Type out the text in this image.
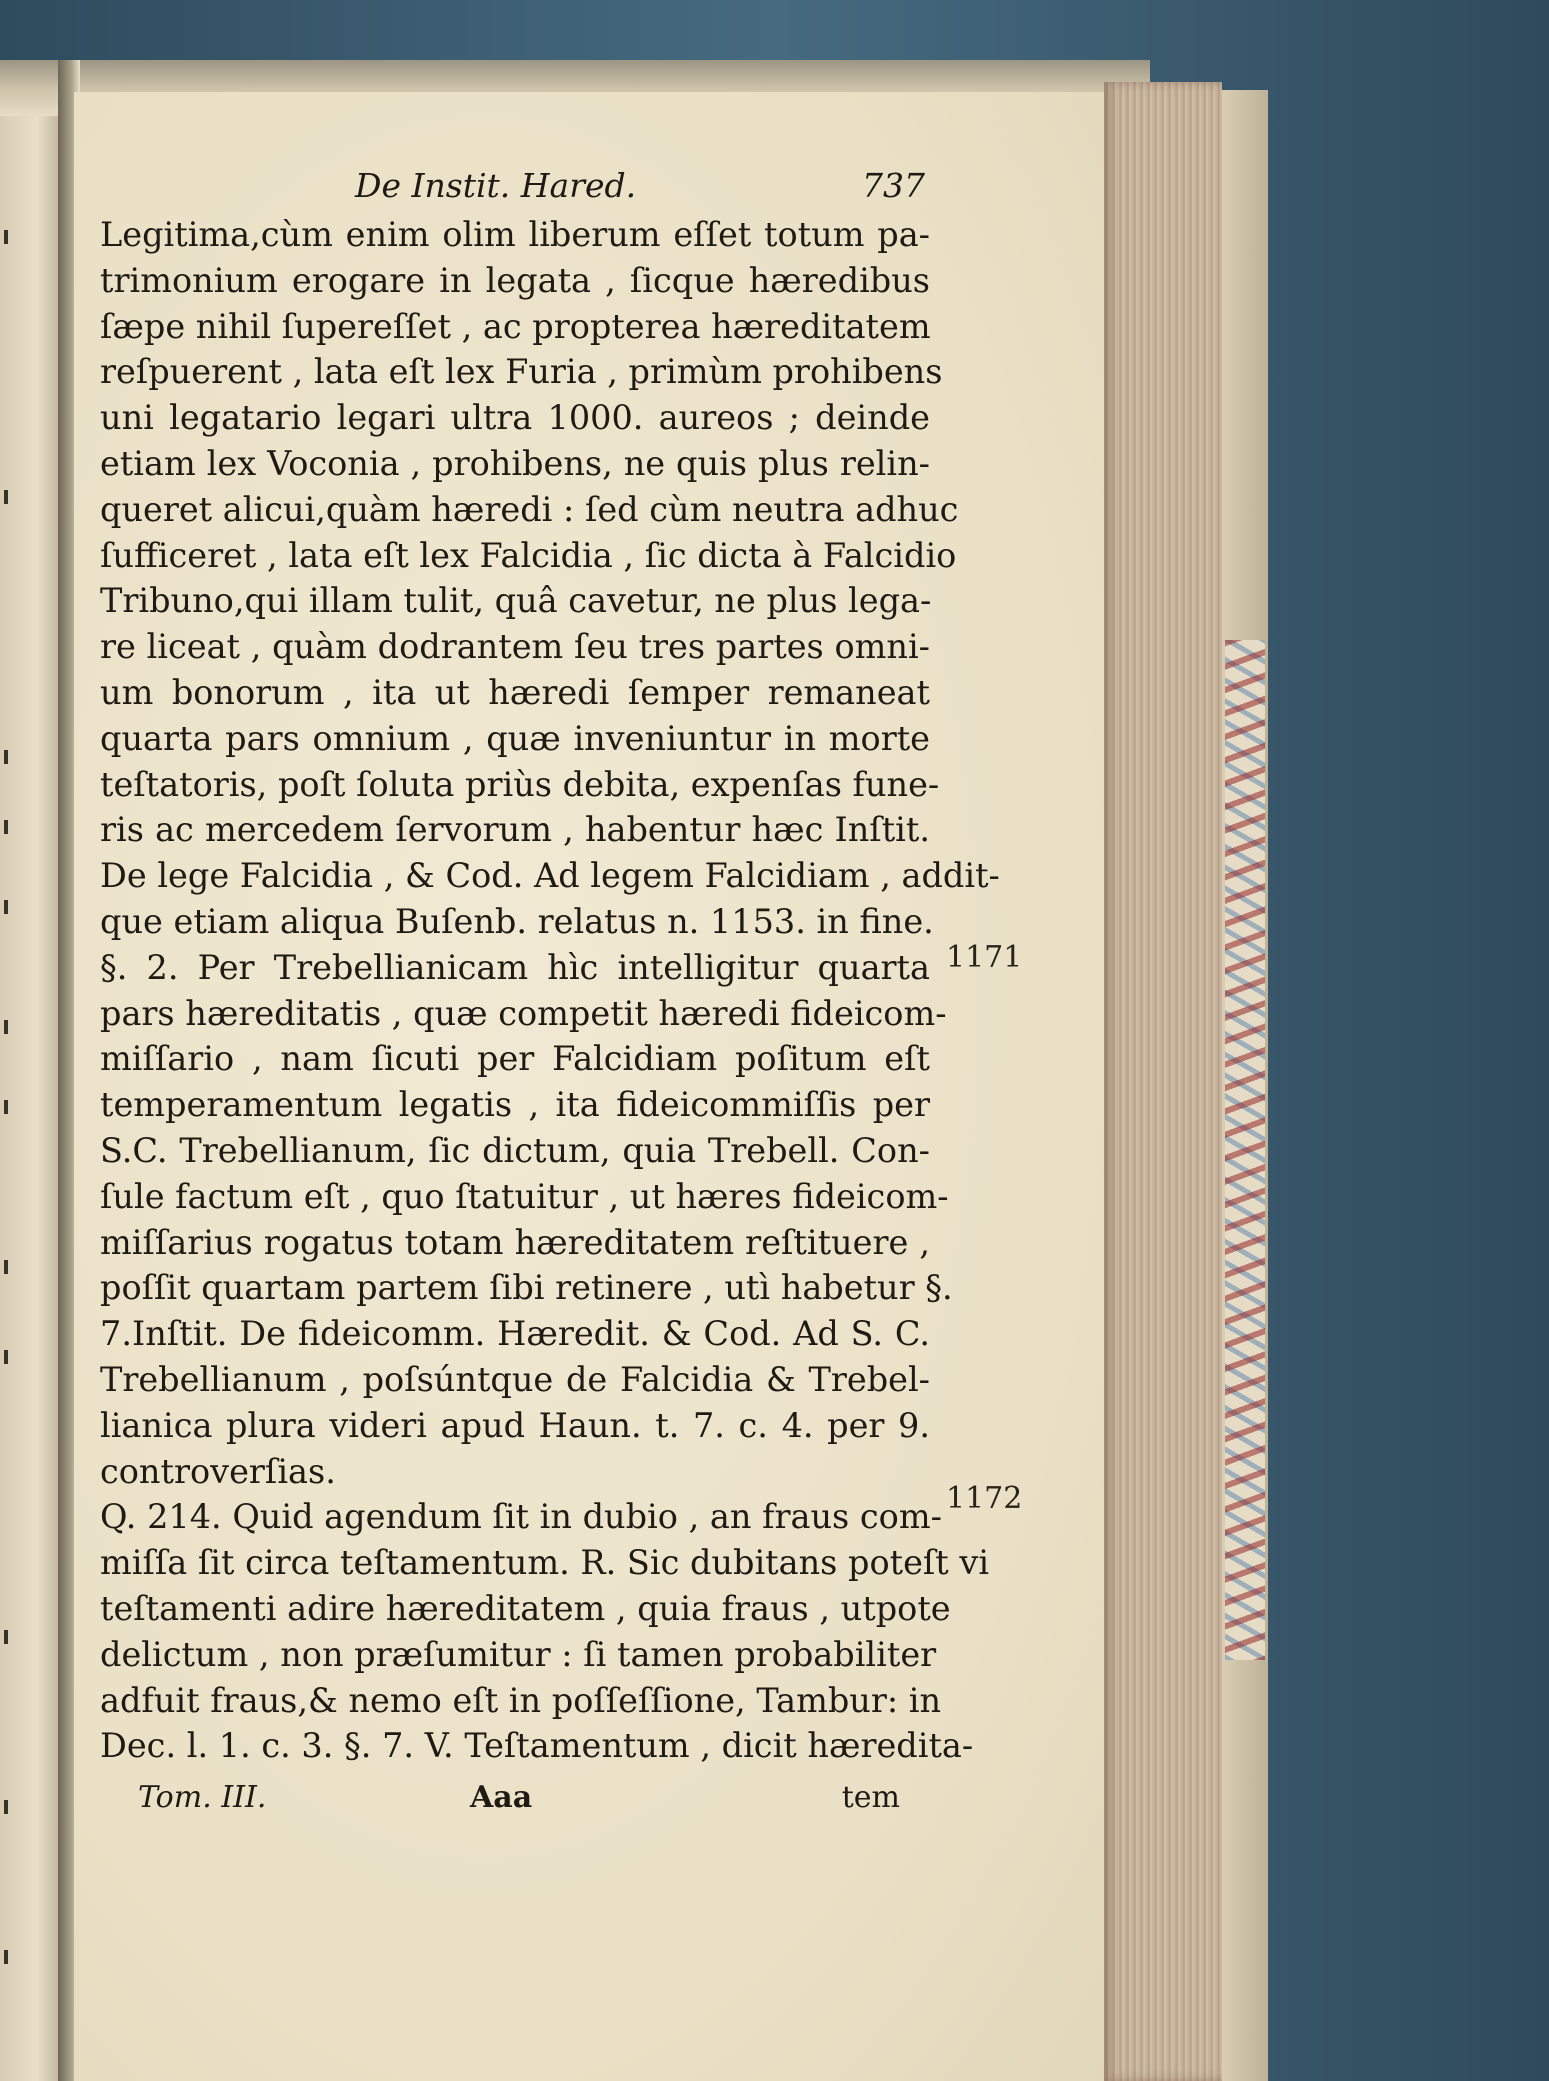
De Instit. Hared.	737
Legitima,cùm enim olim liberum eſſet totum pa-
trimonium erogare in legata , ſicque hæredibus
ſæpe nihil ſupereſſet , ac propterea hæreditatem
reſpuerent , lata eſt lex Furia , primùm prohibens
uni legatario legari ultra 1000. aureos ; deinde
etiam lex Voconia , prohibens, ne quis plus relin-
queret alicui,quàm hæredi : ſed cùm neutra adhuc
ſufficeret , lata eſt lex Falcidia , ſic dicta à Falcidio
Tribuno,qui illam tulit, quâ cavetur, ne plus lega-
re liceat , quàm dodrantem ſeu tres partes omni-
um bonorum , ita ut hæredi ſemper remaneat
quarta pars omnium , quæ inveniuntur in morte
teſtatoris, poſt ſoluta priùs debita, expenſas fune-
ris ac mercedem ſervorum , habentur hæc Inſtit.
De lege Falcidia , & Cod. Ad legem Falcidiam , addit-
que etiam aliqua Buſenb. relatus n. 1153. in fine.
§. 2. Per Trebellianicam hìc intelligitur quarta
pars hæreditatis , quæ competit hæredi fideicom-
miſſario , nam ſicuti per Falcidiam poſitum eſt
temperamentum legatis , ita fideicommiſſis per
S.C. Trebellianum, ſic dictum, quia Trebell. Con-
ſule factum eſt , quo ſtatuitur , ut hæres fideicom-
miſſarius rogatus totam hæreditatem reſtituere ,
poſſit quartam partem ſibi retinere , utì habetur §.
7.Inſtit. De fideicomm. Hæredit. & Cod. Ad S. C.
Trebellianum , poſsúntque de Falcidia & Trebel-
lianica plura videri apud Haun. t. 7. c. 4. per 9.
controverſias.
Q. 214. Quid agendum ſit in dubio , an fraus com-
miſſa ſit circa teſtamentum. R. Sic dubitans poteſt vi
teſtamenti adire hæreditatem , quia fraus , utpote
delictum , non præſumitur : ſi tamen probabiliter
adfuit fraus,& nemo eſt in poſſeſſione, Tambur: in
Dec. l. 1. c. 3. §. 7. V. Teſtamentum , dicit hæredita-
Tom. III.	Aaa	tem
1171
1172
